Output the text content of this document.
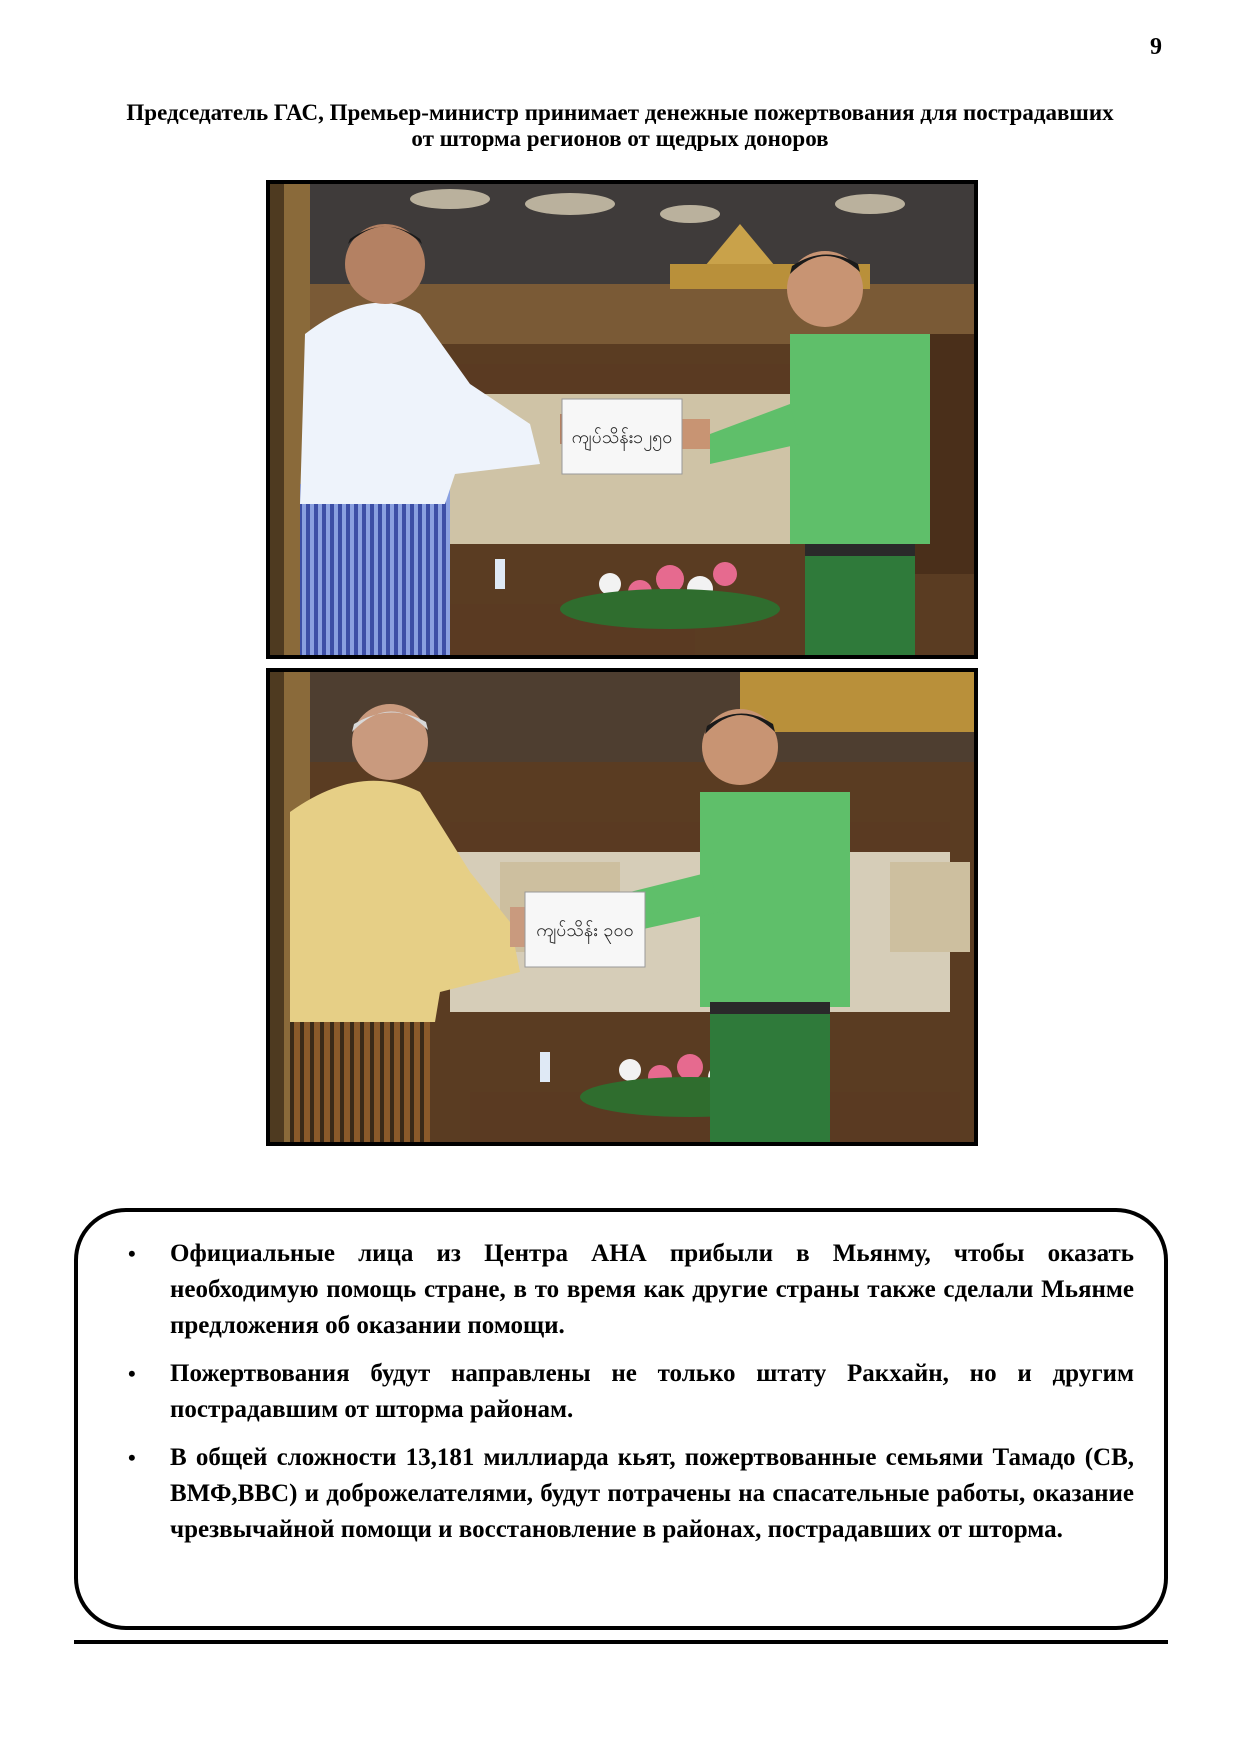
9
Председатель ГАС, Премьер-министр принимает денежные пожертвования для пострадавших
от шторма регионов от щедрых доноров
ကျပ်သိန်း၁၂၅၀
ကျပ်သိန်း ၃၀၀
• Официальные лица из Центра АНА прибыли в Мьянму, чтобы оказать необходимую помощь стране, в то время как другие страны также сделали Мьянме предложения об оказании помощи.
• Пожертвования будут направлены не только штату Ракхайн, но и другим пострадавшим от шторма районам.
• В общей сложности 13,181 миллиарда кьят, пожертвованные семьями Тамадо (СВ, ВМФ,ВВС) и доброжелателями, будут потрачены на спасательные работы, оказание чрезвычайной помощи и восстановление в районах, пострадавших от шторма.
